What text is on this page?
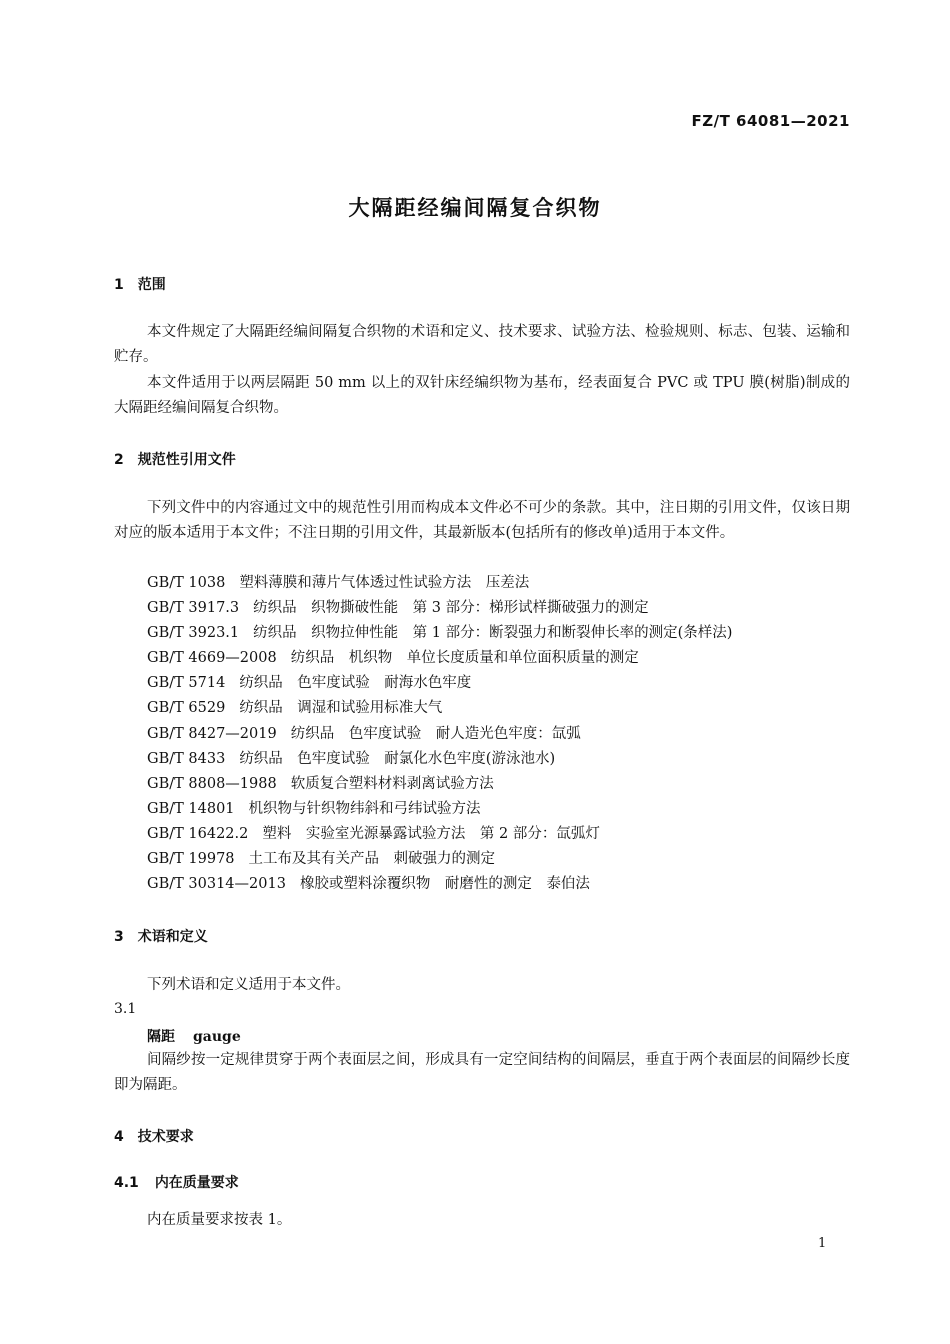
FZ/T 64081—2021
大隔距经编间隔复合织物
1 范围
本文件规定了大隔距经编间隔复合织物的术语和定义、技术要求、试验方法、检验规则、标志、包装、运输和贮存。
本文件适用于以两层隔距 50 mm 以上的双针床经编织物为基布，经表面复合 PVC 或 TPU 膜(树脂)制成的大隔距经编间隔复合织物。
2 规范性引用文件
下列文件中的内容通过文中的规范性引用而构成本文件必不可少的条款。其中，注日期的引用文件，仅该日期对应的版本适用于本文件；不注日期的引用文件，其最新版本(包括所有的修改单)适用于本文件。
GB/T 1038 塑料薄膜和薄片气体透过性试验方法　压差法
GB/T 3917.3 纺织品　织物撕破性能　第 3 部分：梯形试样撕破强力的测定
GB/T 3923.1 纺织品　织物拉伸性能　第 1 部分：断裂强力和断裂伸长率的测定(条样法)
GB/T 4669—2008 纺织品　机织物　单位长度质量和单位面积质量的测定
GB/T 5714 纺织品　色牢度试验　耐海水色牢度
GB/T 6529 纺织品　调湿和试验用标准大气
GB/T 8427—2019 纺织品　色牢度试验　耐人造光色牢度：氙弧
GB/T 8433 纺织品　色牢度试验　耐氯化水色牢度(游泳池水)
GB/T 8808—1988 软质复合塑料材料剥离试验方法
GB/T 14801 机织物与针织物纬斜和弓纬试验方法
GB/T 16422.2 塑料　实验室光源暴露试验方法　第 2 部分：氙弧灯
GB/T 19978 土工布及其有关产品　刺破强力的测定
GB/T 30314—2013 橡胶或塑料涂覆织物　耐磨性的测定　泰伯法
3 术语和定义
下列术语和定义适用于本文件。
3.1
隔距 gauge
间隔纱按一定规律贯穿于两个表面层之间，形成具有一定空间结构的间隔层，垂直于两个表面层的间隔纱长度即为隔距。
4 技术要求
4.1 内在质量要求
内在质量要求按表 1。
1
